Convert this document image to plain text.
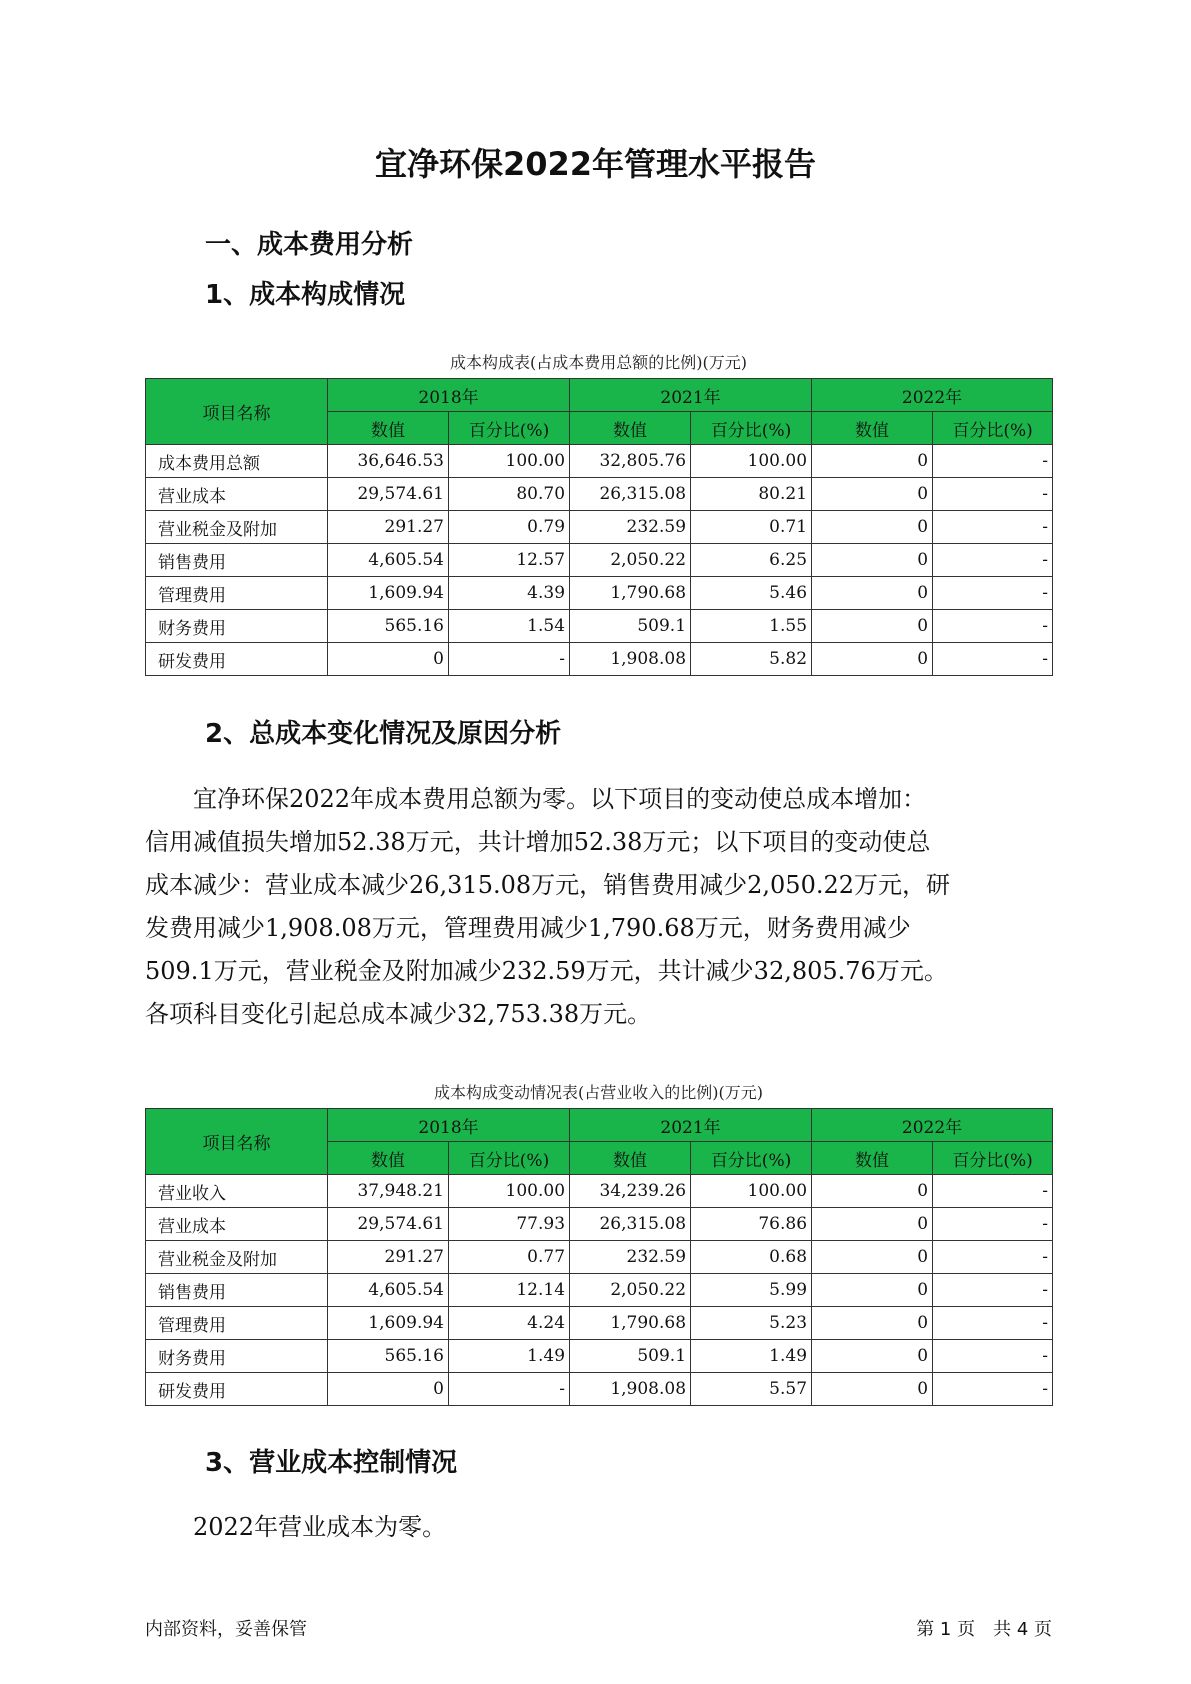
宜净环保2022年管理水平报告
一、成本费用分析
1、成本构成情况
成本构成表(占成本费用总额的比例)(万元)
项目名称	2018年		2021年		2022年	
	数值	百分比(%)	数值	百分比(%)	数值	百分比(%)
成本费用总额	36,646.53	100.00	32,805.76	100.00	0	-
营业成本	29,574.61	80.70	26,315.08	80.21	0	-
营业税金及附加	291.27	0.79	232.59	0.71	0	-
销售费用	4,605.54	12.57	2,050.22	6.25	0	-
管理费用	1,609.94	4.39	1,790.68	5.46	0	-
财务费用	565.16	1.54	509.1	1.55	0	-
研发费用	0	-	1,908.08	5.82	0	-
2、总成本变化情况及原因分析

宜净环保2022年成本费用总额为零。以下项目的变动使总成本增加：

信用减值损失增加52.38万元，共计增加52.38万元；以下项目的变动使总

成本减少：营业成本减少26,315.08万元，销售费用减少2,050.22万元，研

发费用减少1,908.08万元，管理费用减少1,790.68万元，财务费用减少

509.1万元，营业税金及附加减少232.59万元，共计减少32,805.76万元。

各项科目变化引起总成本减少32,753.38万元。

成本构成变动情况表(占营业收入的比例)(万元)
项目名称	2018年		2021年		2022年	
	数值	百分比(%)	数值	百分比(%)	数值	百分比(%)
营业收入	37,948.21	100.00	34,239.26	100.00	0	-
营业成本	29,574.61	77.93	26,315.08	76.86	0	-
营业税金及附加	291.27	0.77	232.59	0.68	0	-
销售费用	4,605.54	12.14	2,050.22	5.99	0	-
管理费用	1,609.94	4.24	1,790.68	5.23	0	-
财务费用	565.16	1.49	509.1	1.49	0	-
研发费用	0	-	1,908.08	5.57	0	-
3、营业成本控制情况

2022年营业成本为零。

内部资料，妥善保管	第 1 页　共 4 页
